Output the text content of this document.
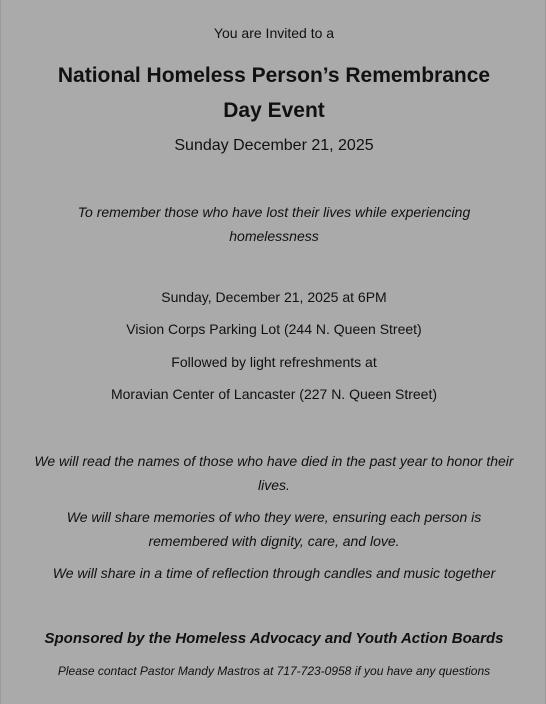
You are Invited to a
National Homeless Person’s Remembrance Day Event
Sunday December 21, 2025
To remember those who have lost their lives while experiencing homelessness
Sunday, December 21, 2025 at 6PM
Vision Corps Parking Lot (244 N. Queen Street)
Followed by light refreshments at
Moravian Center of Lancaster (227 N. Queen Street)
We will read the names of those who have died in the past year to honor their lives.
We will share memories of who they were, ensuring each person is remembered with dignity, care, and love.
We will share in a time of reflection through candles and music together
Sponsored by the Homeless Advocacy and Youth Action Boards
Please contact Pastor Mandy Mastros at 717-723-0958 if you have any questions
